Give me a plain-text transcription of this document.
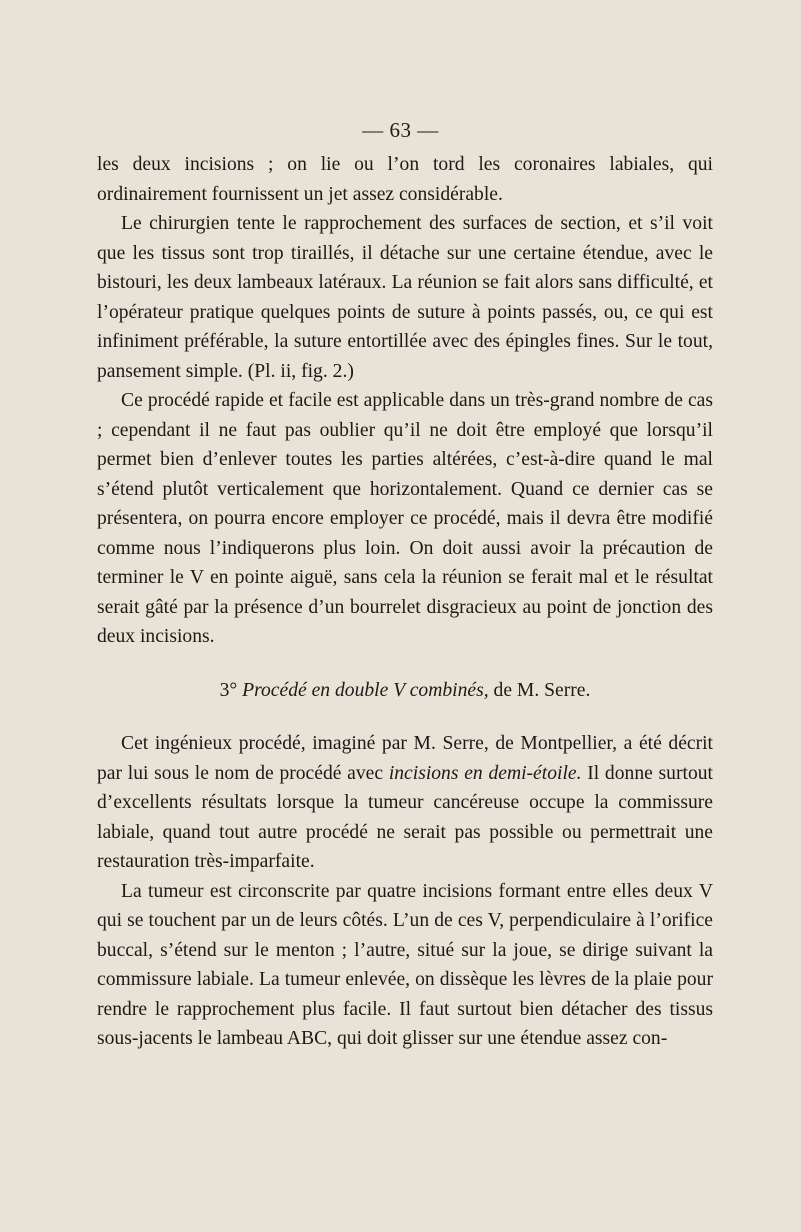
— 63 —

les deux incisions ; on lie ou l’on tord les coronaires labiales, qui ordinairement fournissent un jet assez considérable.

Le chirurgien tente le rapprochement des surfaces de section, et s’il voit que les tissus sont trop tiraillés, il détache sur une certaine étendue, avec le bistouri, les deux lambeaux latéraux. La réunion se fait alors sans difficulté, et l’opérateur pratique quelques points de suture à points passés, ou, ce qui est infiniment préférable, la suture entortillée avec des épingles fines. Sur le tout, pansement simple. (Pl. ii, fig. 2.)

Ce procédé rapide et facile est applicable dans un très-grand nombre de cas ; cependant il ne faut pas oublier qu’il ne doit être employé que lorsqu’il permet bien d’enlever toutes les parties altérées, c’est-à-dire quand le mal s’étend plutôt verticalement que horizontalement. Quand ce dernier cas se présentera, on pourra encore employer ce procédé, mais il devra être modifié comme nous l’indiquerons plus loin. On doit aussi avoir la précaution de terminer le V en pointe aiguë, sans cela la réunion se ferait mal et le résultat serait gâté par la présence d’un bourrelet disgracieux au point de jonction des deux incisions.

3° Procédé en double V combinés, de M. Serre.

Cet ingénieux procédé, imaginé par M. Serre, de Montpellier, a été décrit par lui sous le nom de procédé avec incisions en demi-étoile. Il donne surtout d’excellents résultats lorsque la tumeur cancéreuse occupe la commissure labiale, quand tout autre procédé ne serait pas possible ou permettrait une restauration très-imparfaite.

La tumeur est circonscrite par quatre incisions formant entre elles deux V qui se touchent par un de leurs côtés. L’un de ces V, perpendiculaire à l’orifice buccal, s’étend sur le menton ; l’autre, situé sur la joue, se dirige suivant la commissure labiale. La tumeur enlevée, on dissèque les lèvres de la plaie pour rendre le rapprochement plus facile. Il faut surtout bien détacher des tissus sous-jacents le lambeau ABC, qui doit glisser sur une étendue assez con-
